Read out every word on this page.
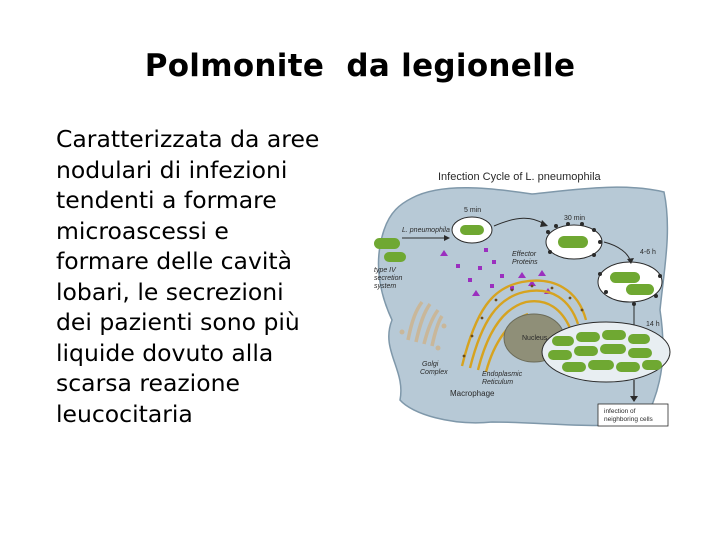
Polmonite  da legionelle
Caratterizzata da aree
nodulari di infezioni
tendenti a formare
microascessi e
formare delle cavità
lobari, le secrezioni
dei pazienti sono più
liquide dovuto alla
scarsa reazione
leucocitaria
Infection Cycle of L. pneumophila
Macrophage
L. pneumophila
type IV secretion system
5 min
30 min
4-6 h
Effector Proteins
Nucleus
Endoplasmic Reticulum
Golgi Complex
14 h
infection of neighboring cells
